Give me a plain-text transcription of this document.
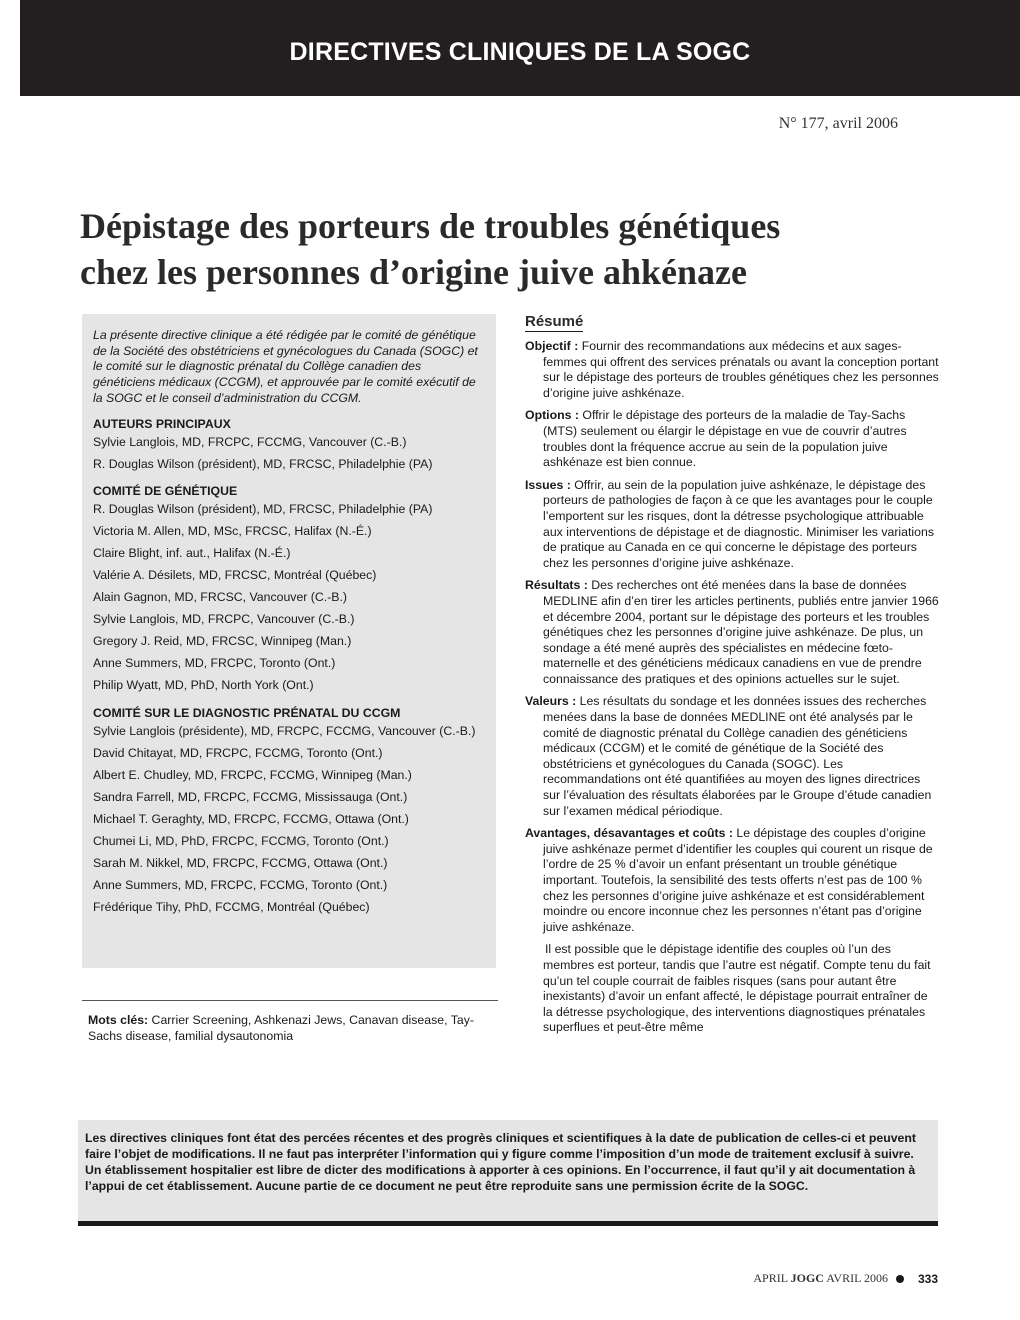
DIRECTIVES CLINIQUES DE LA SOGC
N° 177, avril 2006
Dépistage des porteurs de troubles génétiques
chez les personnes d’origine juive ahkénaze

La présente directive clinique a été rédigée par le comité de génétique de la Société des obstétriciens et gynécologues du Canada (SOGC) et le comité sur le diagnostic prénatal du Collège canadien des généticiens médicaux (CCGM), et approuvée par le comité exécutif de la SOGC et le conseil d’administration du CCGM.

AUTEURS PRINCIPAUX

Sylvie Langlois, MD, FRCPC, FCCMG, Vancouver (C.-B.)

R. Douglas Wilson (président), MD, FRCSC, Philadelphie (PA)

COMITÉ DE GÉNÉTIQUE

R. Douglas Wilson (président), MD, FRCSC, Philadelphie (PA)

Victoria M. Allen, MD, MSc, FRCSC, Halifax (N.-É.)

Claire Blight, inf. aut., Halifax (N.-É.)

Valérie A. Désilets, MD, FRCSC, Montréal (Québec)

Alain Gagnon, MD, FRCSC, Vancouver (C.-B.)

Sylvie Langlois, MD, FRCPC, Vancouver (C.-B.)

Gregory J. Reid, MD, FRCSC, Winnipeg (Man.)

Anne Summers, MD, FRCPC, Toronto (Ont.)

Philip Wyatt, MD, PhD, North York (Ont.)

COMITÉ SUR LE DIAGNOSTIC PRÉNATAL DU CCGM

Sylvie Langlois (présidente), MD, FRCPC, FCCMG, Vancouver (C.-B.)

David Chitayat, MD, FRCPC, FCCMG, Toronto (Ont.)

Albert E. Chudley, MD, FRCPC, FCCMG, Winnipeg (Man.)

Sandra Farrell, MD, FRCPC, FCCMG, Mississauga (Ont.)

Michael T. Geraghty, MD, FRCPC, FCCMG, Ottawa (Ont.)

Chumei Li, MD, PhD, FRCPC, FCCMG, Toronto (Ont.)

Sarah M. Nikkel, MD, FRCPC, FCCMG, Ottawa (Ont.)

Anne Summers, MD, FRCPC, FCCMG, Toronto (Ont.)

Frédérique Tihy, PhD, FCCMG, Montréal (Québec)

Mots clés: Carrier Screening, Ashkenazi Jews, Canavan disease, Tay-Sachs disease, familial dysautonomia

Résumé

Objectif : Fournir des recommandations aux médecins et aux sages-femmes qui offrent des services prénatals ou avant la conception portant sur le dépistage des porteurs de troubles génétiques chez les personnes d’origine juive ashkénaze.

Options : Offrir le dépistage des porteurs de la maladie de Tay-Sachs (MTS) seulement ou élargir le dépistage en vue de couvrir d’autres troubles dont la fréquence accrue au sein de la population juive ashkénaze est bien connue.

Issues : Offrir, au sein de la population juive ashkénaze, le dépistage des porteurs de pathologies de façon à ce que les avantages pour le couple l’emportent sur les risques, dont la détresse psychologique attribuable aux interventions de dépistage et de diagnostic. Minimiser les variations de pratique au Canada en ce qui concerne le dépistage des porteurs chez les personnes d’origine juive ashkénaze.

Résultats : Des recherches ont été menées dans la base de données MEDLINE afin d’en tirer les articles pertinents, publiés entre janvier 1966 et décembre 2004, portant sur le dépistage des porteurs et les troubles génétiques chez les personnes d’origine juive ashkénaze. De plus, un sondage a été mené auprès des spécialistes en médecine fœto-maternelle et des généticiens médicaux canadiens en vue de prendre connaissance des pratiques et des opinions actuelles sur le sujet.

Valeurs : Les résultats du sondage et les données issues des recherches menées dans la base de données MEDLINE ont été analysés par le comité de diagnostic prénatal du Collège canadien des généticiens médicaux (CCGM) et le comité de génétique de la Société des obstétriciens et gynécologues du Canada (SOGC). Les recommandations ont été quantifiées au moyen des lignes directrices sur l’évaluation des résultats élaborées par le Groupe d’étude canadien sur l’examen médical périodique.

Avantages, désavantages et coûts : Le dépistage des couples d’origine juive ashkénaze permet d’identifier les couples qui courent un risque de l’ordre de 25 % d’avoir un enfant présentant un trouble génétique important. Toutefois, la sensibilité des tests offerts n’est pas de 100 % chez les personnes d’origine juive ashkénaze et est considérablement moindre ou encore inconnue chez les personnes n’étant pas d’origine juive ashkénaze.

Il est possible que le dépistage identifie des couples où l’un des membres est porteur, tandis que l’autre est négatif. Compte tenu du fait qu’un tel couple courrait de faibles risques (sans pour autant être inexistants) d’avoir un enfant affecté, le dépistage pourrait entraîner de la détresse psychologique, des interventions diagnostiques prénatales superflues et peut-être même

Les directives cliniques font état des percées récentes et des progrès cliniques et scientifiques à la date de publication de celles-ci et peuvent faire l’objet de modifications. Il ne faut pas interpréter l’information qui y figure comme l’imposition d’un mode de traitement exclusif à suivre. Un établissement hospitalier est libre de dicter des modifications à apporter à ces opinions. En l’occurrence, il faut qu’il y ait documentation à l’appui de cet établissement. Aucune partie de ce document ne peut être reproduite sans une permission écrite de la SOGC.

APRIL JOGC AVRIL 2006	333
